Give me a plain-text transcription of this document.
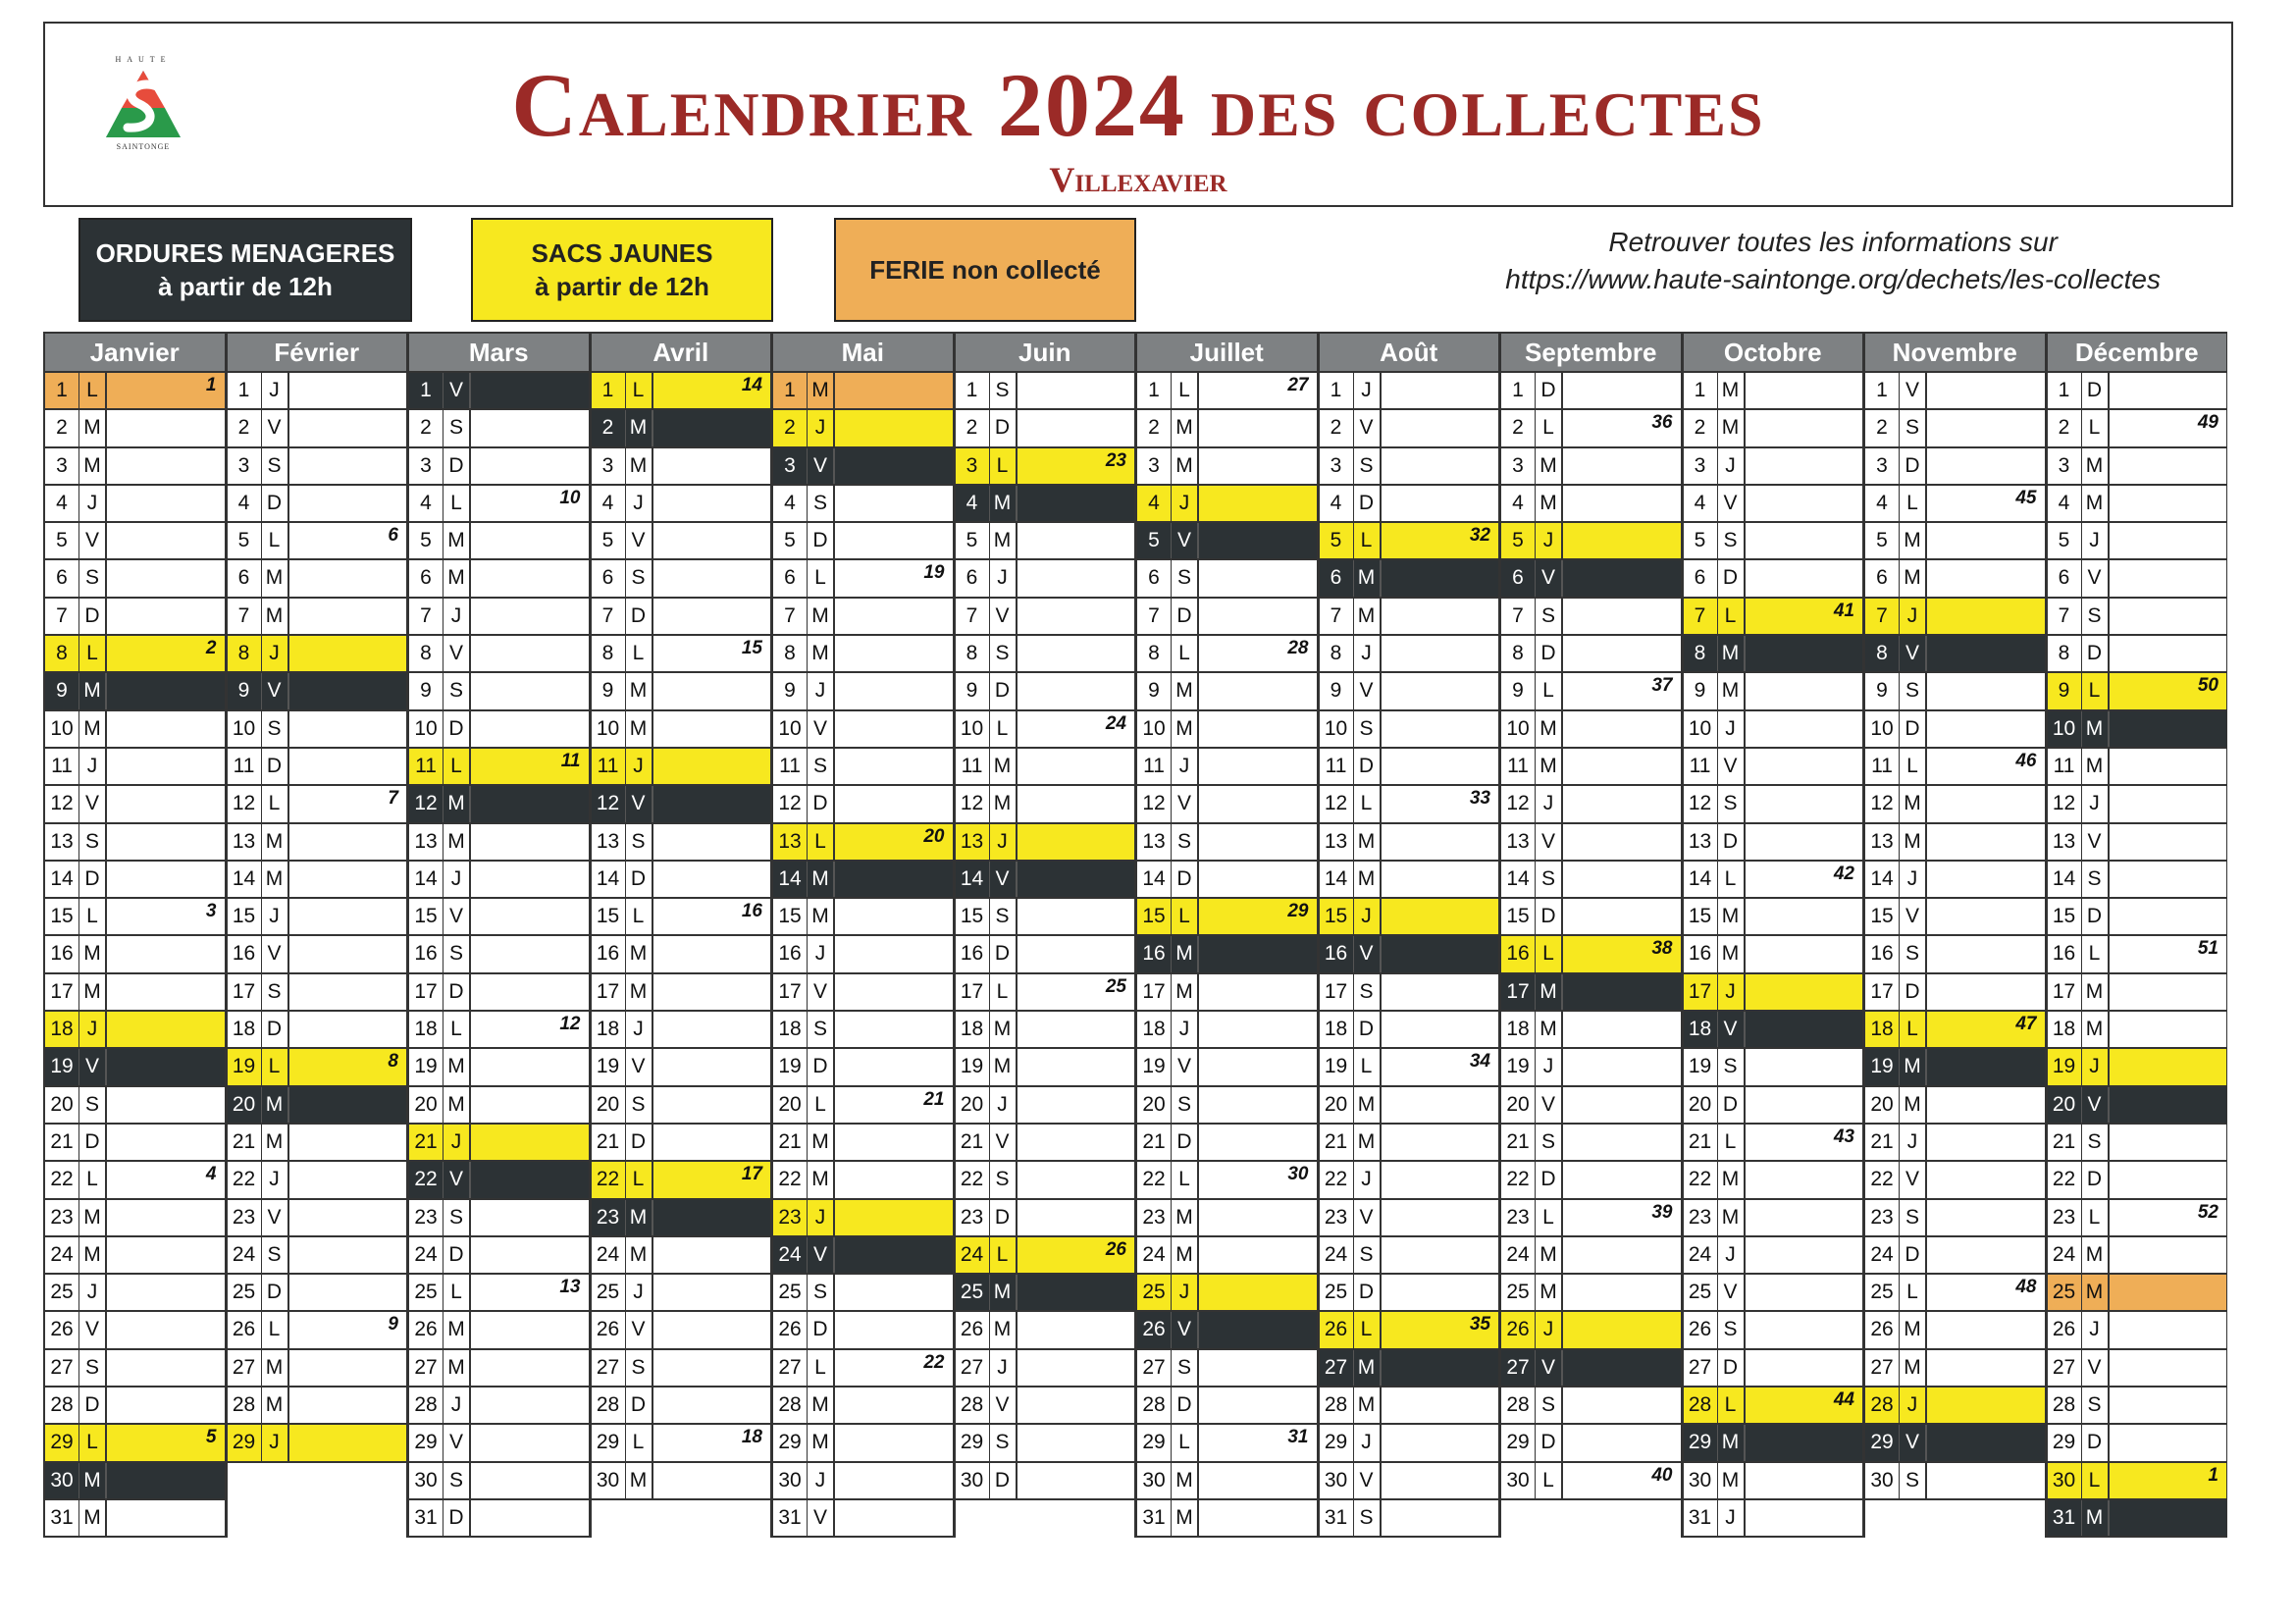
HAUTE
SAINTONGE	Calendrier 2024 des collectes
Villexavier
ORDURES MENAGERES
à partir de 12h
SACS JAUNES
à partir de 12h
FERIE non collecté
Retrouver toutes les informations sur
https://www.haute-saintonge.org/dechets/les-collectes
Janvier
1 L	1
2 M
3 M
4 J
5 V
6 S
7 D
8 L	2
9 M
10 M
11 J
12 V
13 S
14 D
15 L	3
16 M
17 M
18 J
19 V
20 S
21 D
22 L	4
23 M
24 M
25 J
26 V
27 S
28 D
29 L	5
30 M
31 M
Février
1 J
2 V
3 S
4 D
5 L	6
6 M
7 M
8 J
9 V
10 S
11 D
12 L	7
13 M
14 M
15 J
16 V
17 S
18 D
19 L	8
20 M
21 M
22 J
23 V
24 S
25 D
26 L	9
27 M
28 M
29 J
Mars
1 V
2 S
3 D
4 L	10
5 M
6 M
7 J
8 V
9 S
10 D
11 L	11
12 M
13 M
14 J
15 V
16 S
17 D
18 L	12
19 M
20 M
21 J
22 V
23 S
24 D
25 L	13
26 M
27 M
28 J
29 V
30 S
31 D
Avril
1 L	14
2 M
3 M
4 J
5 V
6 S
7 D
8 L	15
9 M
10 M
11 J
12 V
13 S
14 D
15 L	16
16 M
17 M
18 J
19 V
20 S
21 D
22 L	17
23 M
24 M
25 J
26 V
27 S
28 D
29 L	18
30 M
Mai
1 M
2 J
3 V
4 S
5 D
6 L	19
7 M
8 M
9 J
10 V
11 S
12 D
13 L	20
14 M
15 M
16 J
17 V
18 S
19 D
20 L	21
21 M
22 M
23 J
24 V
25 S
26 D
27 L	22
28 M
29 M
30 J
31 V
Juin
1 S
2 D
3 L	23
4 M
5 M
6 J
7 V
8 S
9 D
10 L	24
11 M
12 M
13 J
14 V
15 S
16 D
17 L	25
18 M
19 M
20 J
21 V
22 S
23 D
24 L	26
25 M
26 M
27 J
28 V
29 S
30 D
Juillet
1 L	27
2 M
3 M
4 J
5 V
6 S
7 D
8 L	28
9 M
10 M
11 J
12 V
13 S
14 D
15 L	29
16 M
17 M
18 J
19 V
20 S
21 D
22 L	30
23 M
24 M
25 J
26 V
27 S
28 D
29 L	31
30 M
31 M
Août
1 J
2 V
3 S
4 D
5 L	32
6 M
7 M
8 J
9 V
10 S
11 D
12 L	33
13 M
14 M
15 J
16 V
17 S
18 D
19 L	34
20 M
21 M
22 J
23 V
24 S
25 D
26 L	35
27 M
28 M
29 J
30 V
31 S
Septembre
1 D
2 L	36
3 M
4 M
5 J
6 V
7 S
8 D
9 L	37
10 M
11 M
12 J
13 V
14 S
15 D
16 L	38
17 M
18 M
19 J
20 V
21 S
22 D
23 L	39
24 M
25 M
26 J
27 V
28 S
29 D
30 L	40
Octobre
1 M
2 M
3 J
4 V
5 S
6 D
7 L	41
8 M
9 M
10 J
11 V
12 S
13 D
14 L	42
15 M
16 M
17 J
18 V
19 S
20 D
21 L	43
22 M
23 M
24 J
25 V
26 S
27 D
28 L	44
29 M
30 M
31 J
Novembre
1 V
2 S
3 D
4 L	45
5 M
6 M
7 J
8 V
9 S
10 D
11 L	46
12 M
13 M
14 J
15 V
16 S
17 D
18 L	47
19 M
20 M
21 J
22 V
23 S
24 D
25 L	48
26 M
27 M
28 J
29 V
30 S
Décembre
1 D
2 L	49
3 M
4 M
5 J
6 V
7 S
8 D
9 L	50
10 M
11 M
12 J
13 V
14 S
15 D
16 L	51
17 M
18 M
19 J
20 V
21 S
22 D
23 L	52
24 M
25 M
26 J
27 V
28 S
29 D
30 L	1
31 M
